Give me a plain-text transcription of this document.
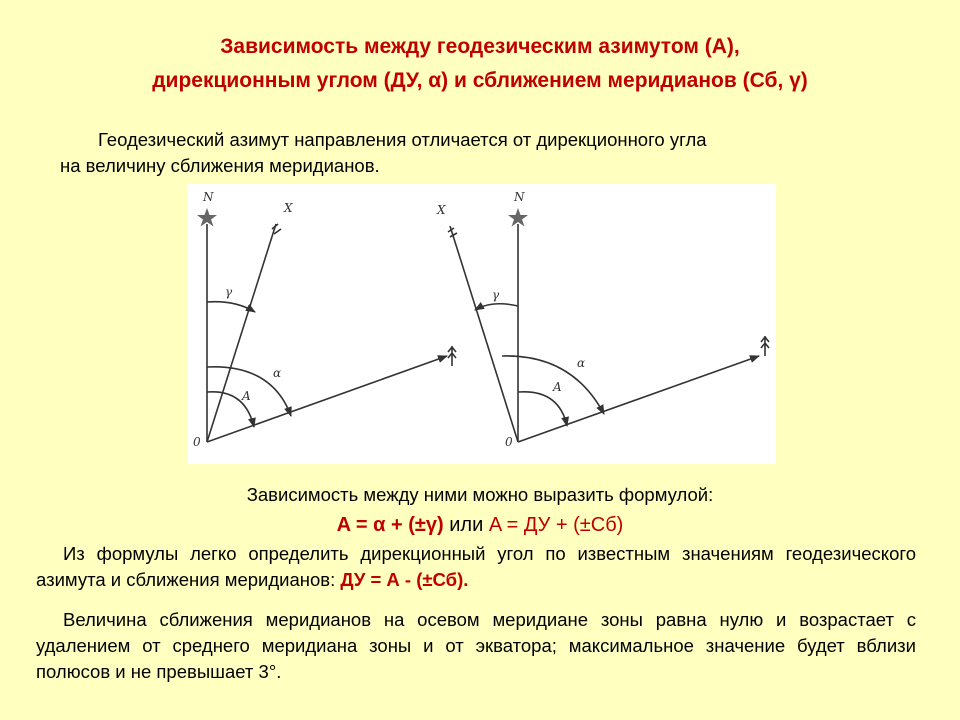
Зависимость между геодезическим азимутом (А),
дирекционным углом (ДУ, α) и сближением меридианов (Сб, γ)
Геодезический азимут направления отличается от дирекционного угла
на величину сближения меридианов.
N
X
0
γ
α
A
N
X
0
γ
α
A
Зависимость между ними можно выразить формулой:
A = α + (±γ) или A = ДУ + (±Сб)
Из формулы легко определить дирекционный угол по известным значениям геодезического азимута и сближения меридианов: ДУ = А - (±Сб).
Величина сближения меридианов на осевом меридиане зоны равна нулю и возрастает с удалением от среднего меридиана зоны и от экватора; максимальное значение будет вблизи полюсов и не превышает 3°.
